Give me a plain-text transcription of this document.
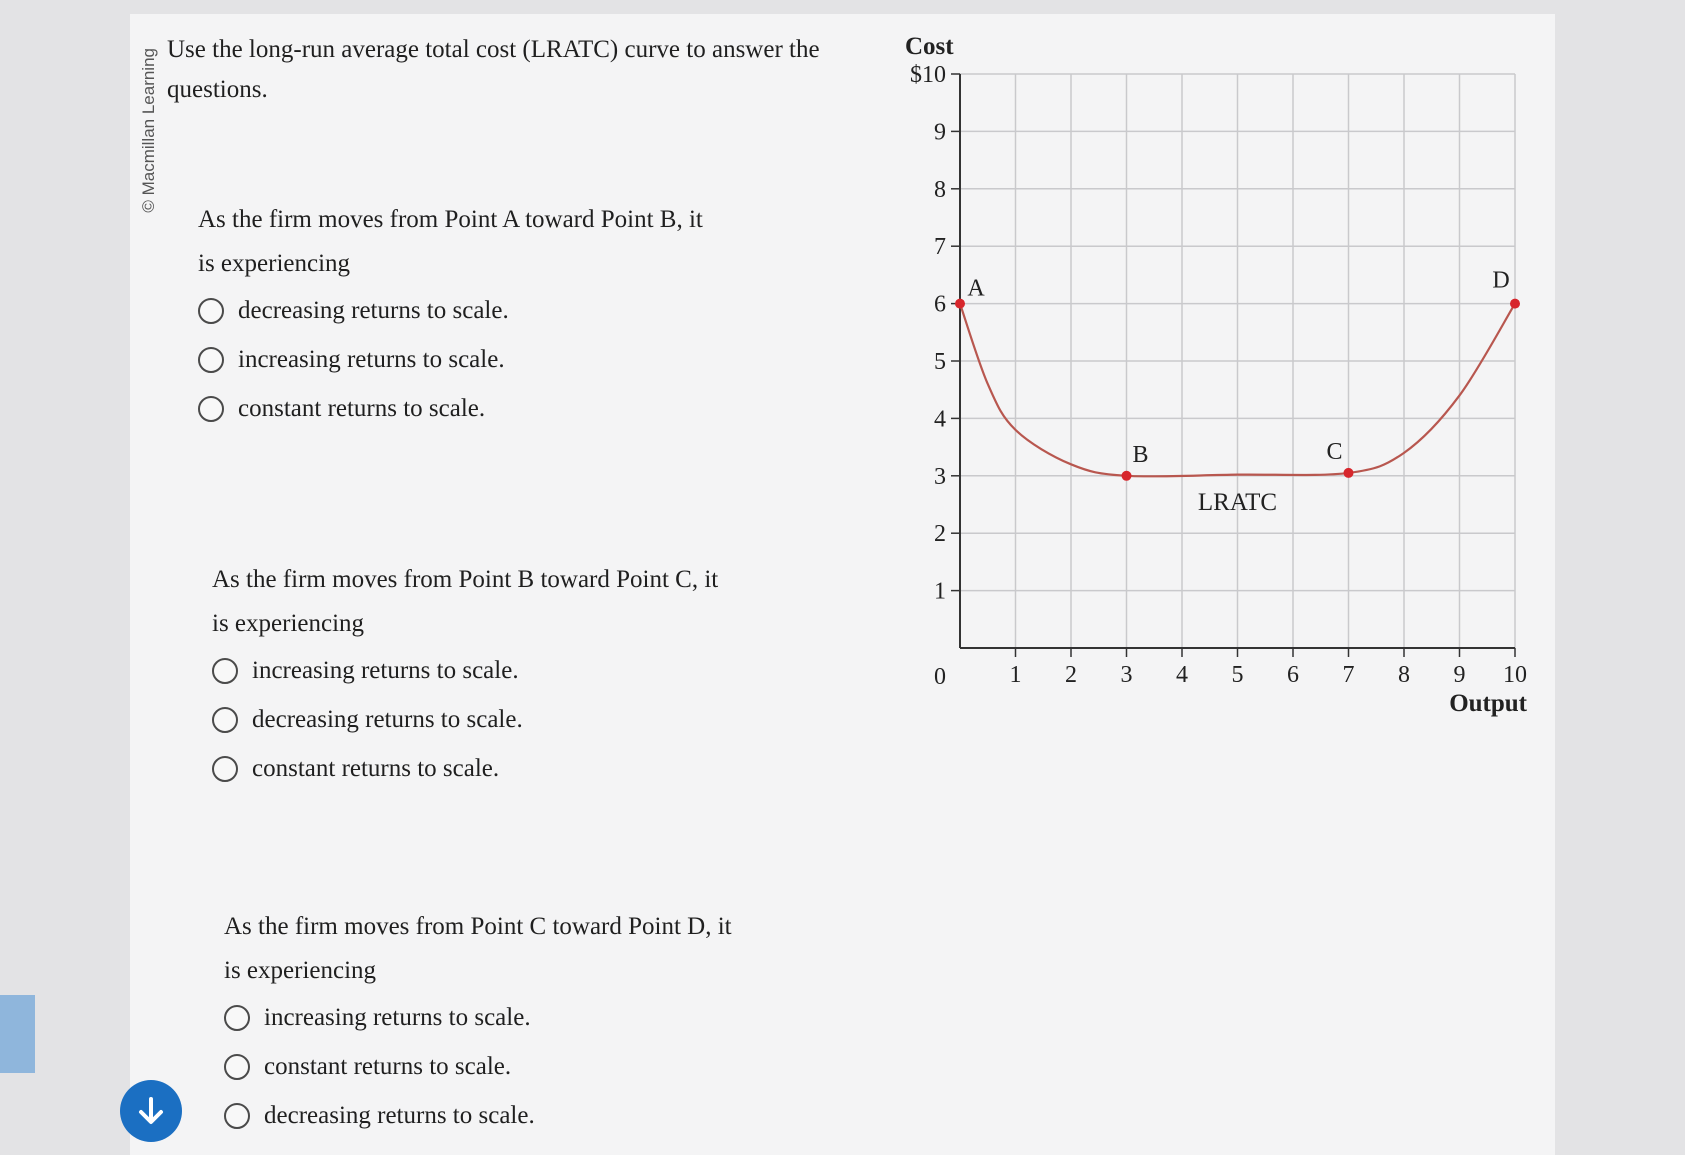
© Macmillan Learning Use the long-run average total cost (LRATC) curve to answer the questions.
As the firm moves from Point A toward Point B, it
is experiencing
decreasing returns to scale.
increasing returns to scale.
constant returns to scale.
As the firm moves from Point B toward Point C, it
is experiencing
increasing returns to scale.
decreasing returns to scale.
constant returns to scale.
As the firm moves from Point C toward Point D, it
is experiencing
increasing returns to scale.
constant returns to scale.
decreasing returns to scale.
1
2
3
4
5
6
7
8
9
$10
Cost
1 2 3 4 5 6 7 8 9 10
0
Output
LRATC
A
B	C
D
